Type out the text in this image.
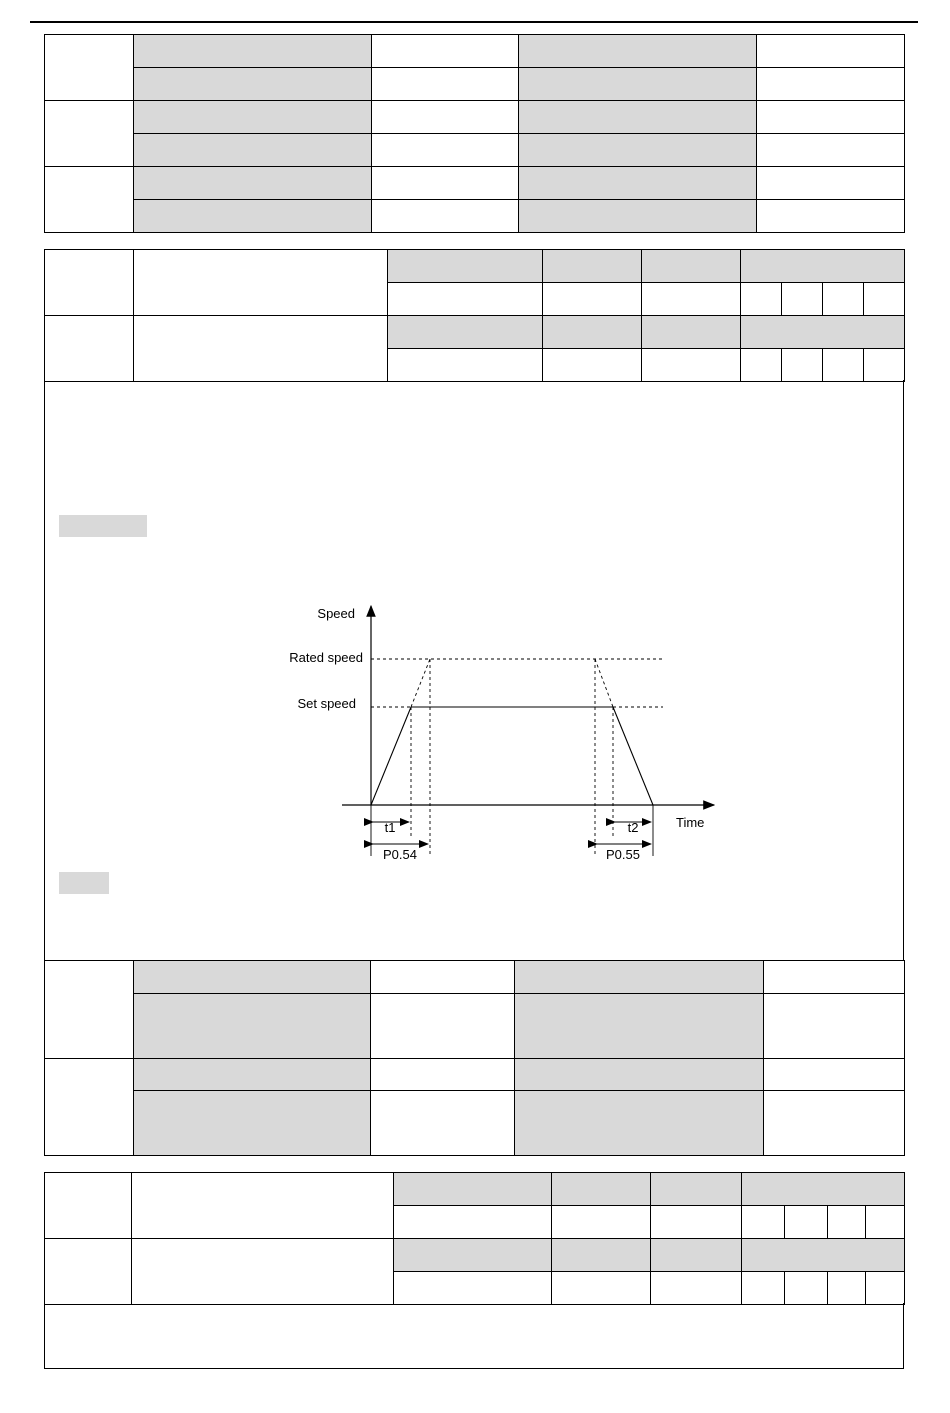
Speed
Rated speed
Set speed
Time
t1	t2
P0.54	P0.55
